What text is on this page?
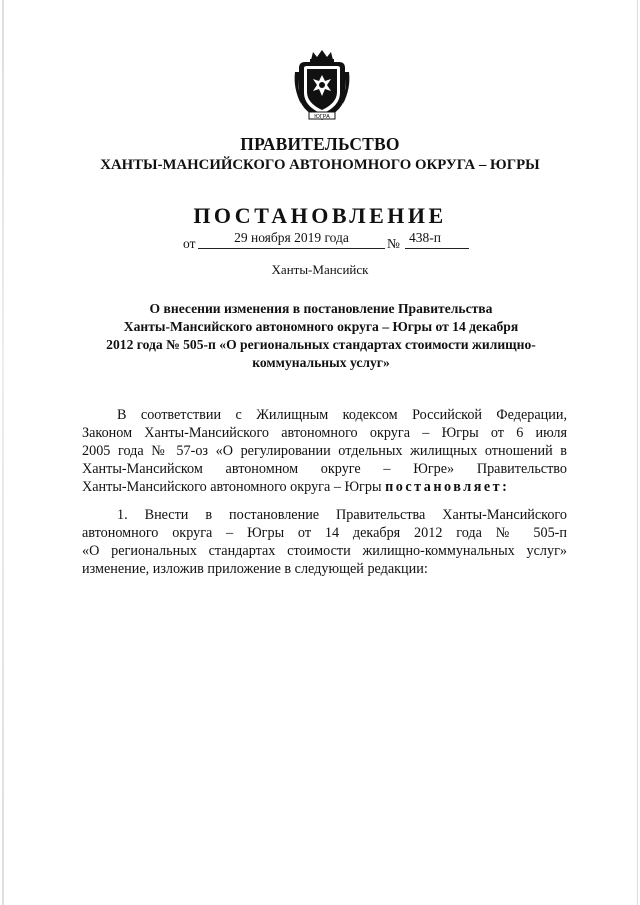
ЮГРА
ПРАВИТЕЛЬСТВО
ХАНТЫ-МАНСИЙСКОГО АВТОНОМНОГО ОКРУГА – ЮГРЫ
ПОСТАНОВЛЕНИЕ
от	29 ноября 2019 года	№ 438-п
Ханты-Мансийск
О внесении изменения в постановление Правительства
Ханты-Мансийского автономного округа – Югры от 14 декабря
2012 года № 505-п «О региональных стандартах стоимости жилищно-
коммунальных услуг»
В соответствии с Жилищным кодексом Российской Федерации,
Законом Ханты-Мансийского автономного округа – Югры от 6 июля
2005 года № 57-оз «О регулировании отдельных жилищных отношений в
Ханты-Мансийском автономном округе – Югре» Правительство
Ханты-Мансийского автономного округа – Югры постановляет:
1. Внести в постановление Правительства Ханты-Мансийского
автономного округа – Югры от 14 декабря 2012 года № 505-п
«О региональных стандартах стоимости жилищно-коммунальных услуг»
изменение, изложив приложение в следующей редакции:
